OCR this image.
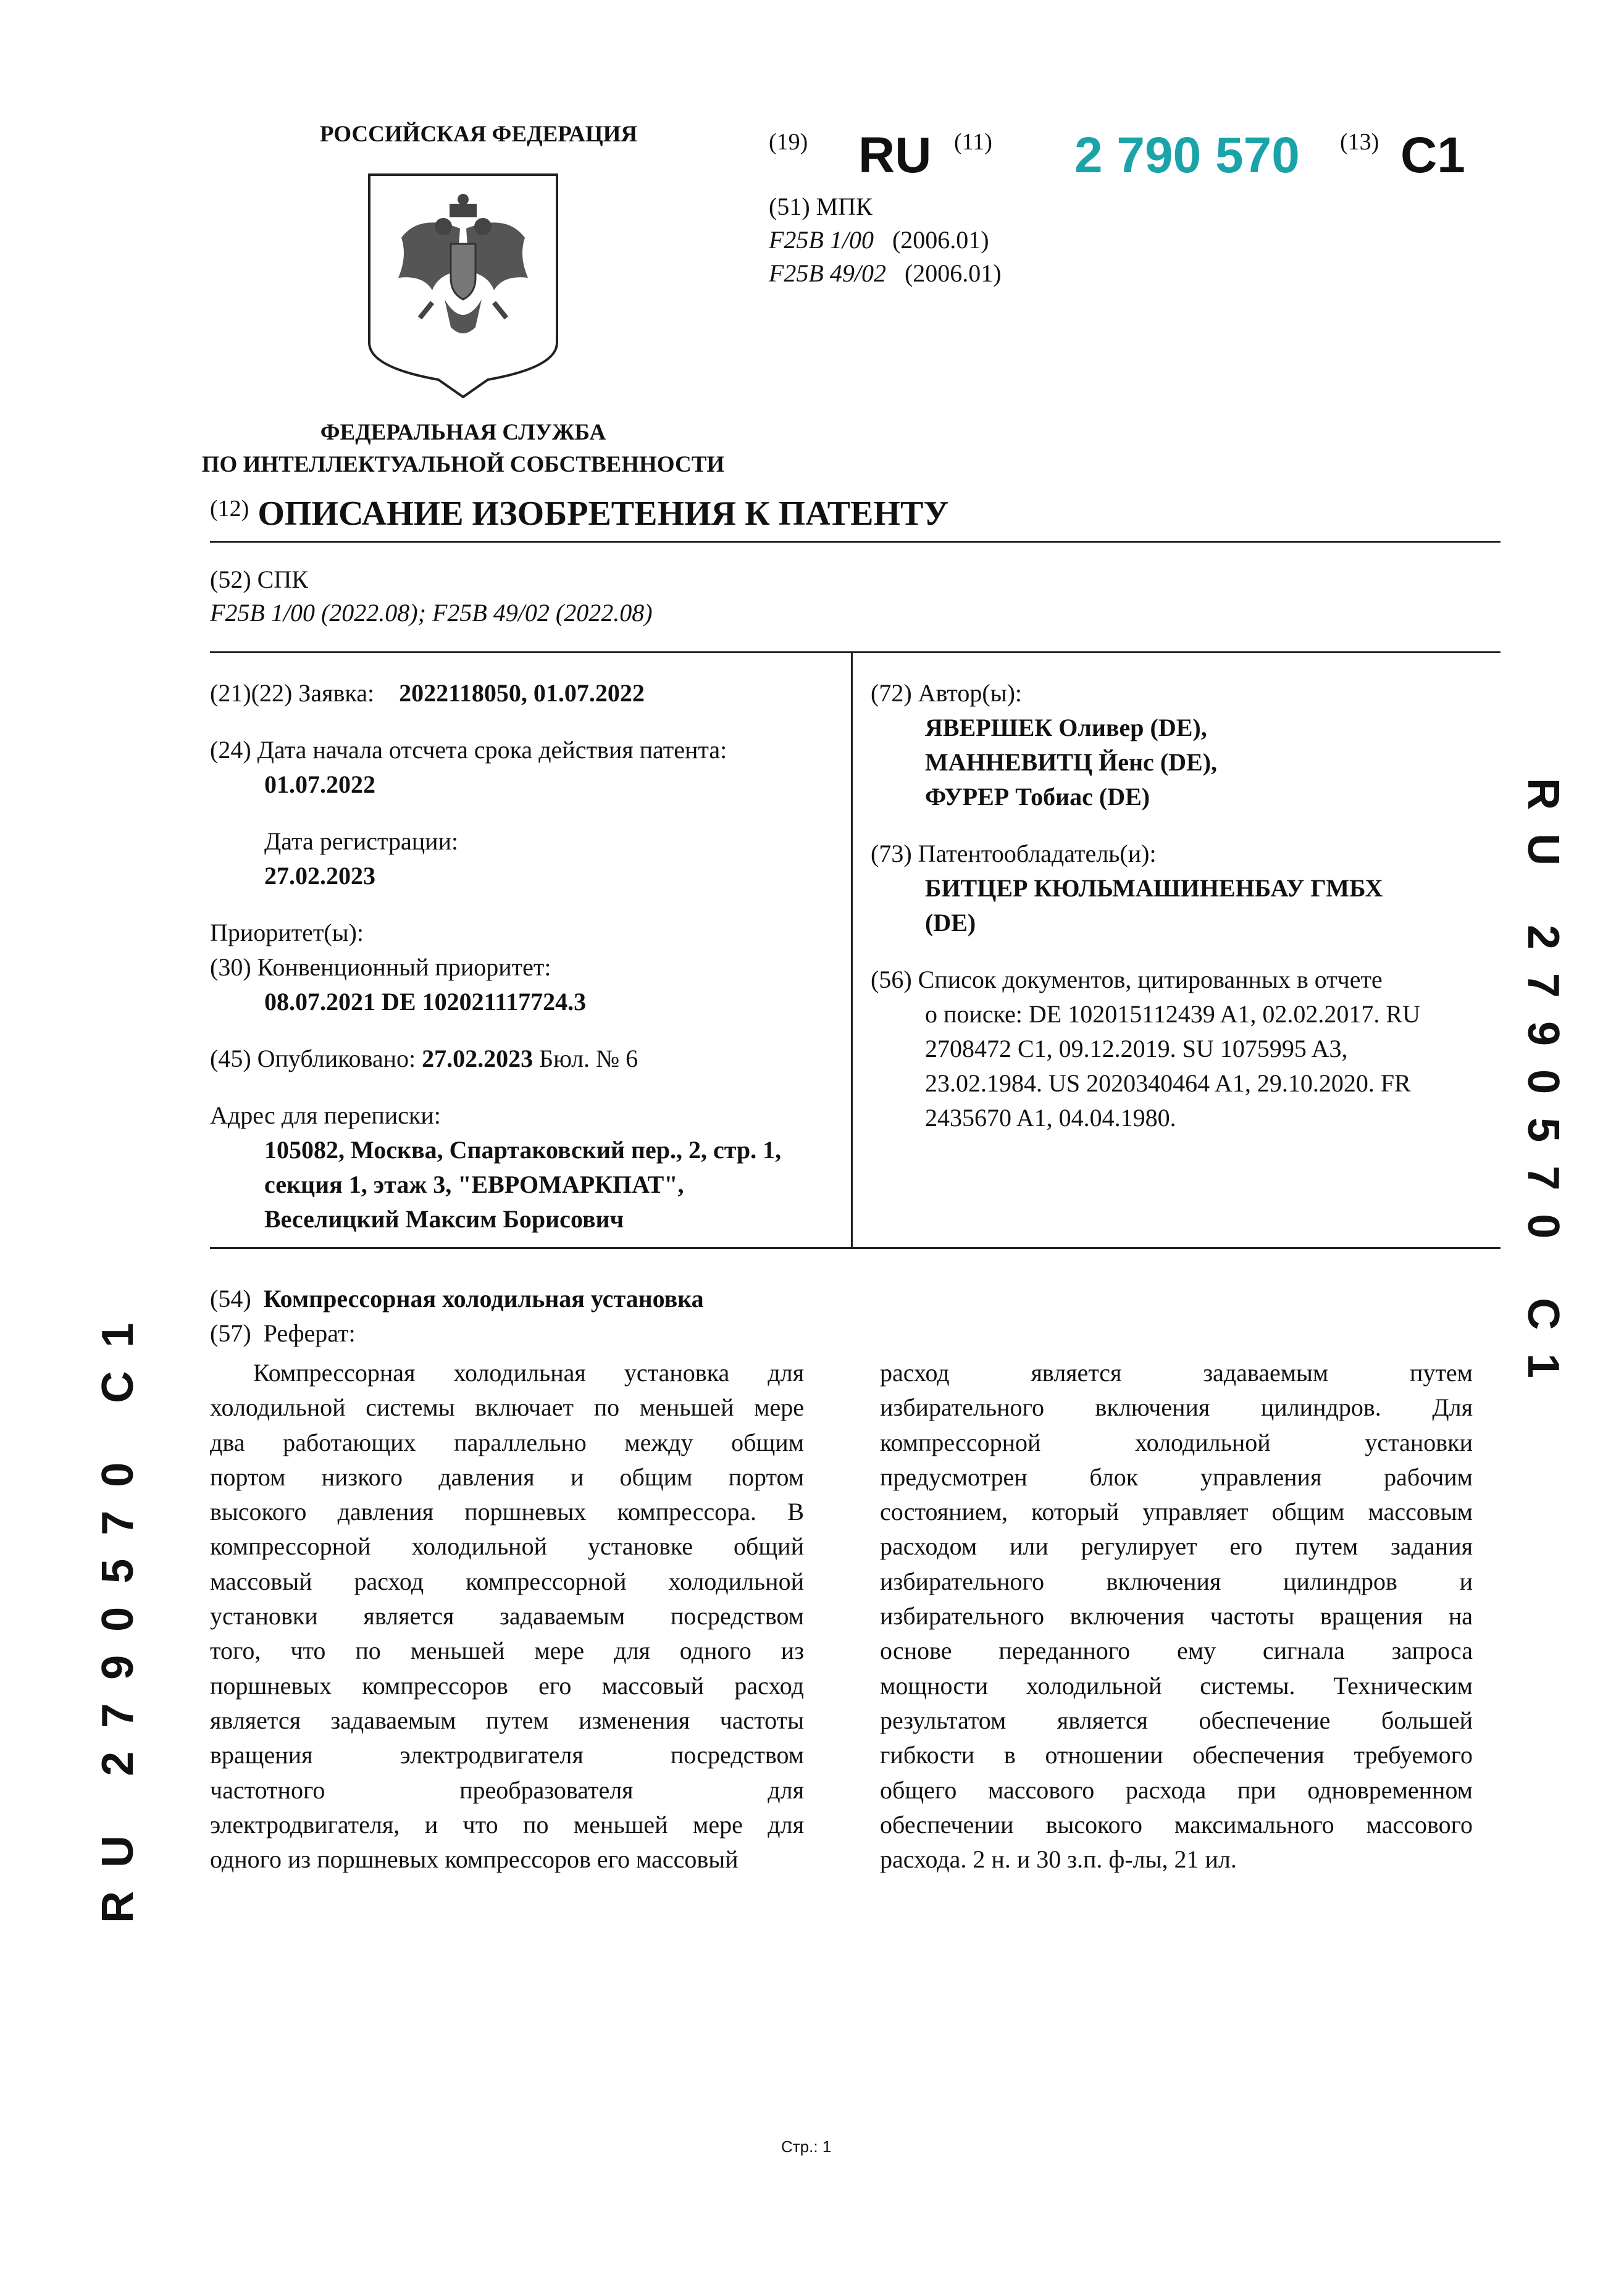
РОССИЙСКАЯ ФЕДЕРАЦИЯ
ФЕДЕРАЛЬНАЯ СЛУЖБА
ПО ИНТЕЛЛЕКТУАЛЬНОЙ СОБСТВЕННОСТИ
(19) RU (11) 2 790 570 (13) C1
(51) МПК
F25B 1/00 (2006.01)
F25B 49/02 (2006.01)
$^{(12)}$ ОПИСАНИЕ ИЗОБРЕТЕНИЯ К ПАТЕНТУ
(52) СПК
F25B 1/00 (2022.08); F25B 49/02 (2022.08)
(21)(22) Заявка: 2022118050, 01.07.2022
(24) Дата начала отсчета срока действия патента:
01.07.2022
Дата регистрации:
27.02.2023
Приоритет(ы):
(30) Конвенционный приоритет:
08.07.2021 DE 102021117724.3
(45) Опубликовано: 27.02.2023 Бюл. № 6
Адрес для переписки:
105082, Москва, Спартаковский пер., 2, стр. 1,
секция 1, этаж 3, "ЕВРОМАРКПАТ",
Веселицкий Максим Борисович
(72) Автор(ы):
ЯВЕРШЕК Оливер (DE),
МАННЕВИТЦ Йенс (DE),
ФУРЕР Тобиас (DE)
(73) Патентообладатель(и):
БИТЦЕР КЮЛЬМАШИНЕНБАУ ГМБХ
(DE)
(56) Список документов, цитированных в отчете
о поиске: DE 102015112439 A1, 02.02.2017. RU
2708472 C1, 09.12.2019. SU 1075995 A3,
23.02.1984. US 2020340464 A1, 29.10.2020. FR
2435670 A1, 04.04.1980.
(54) Компрессорная холодильная установка
(57) Реферат:
Компрессорная холодильная установка для
холодильной системы включает по меньшей мере
два работающих параллельно между общим
портом низкого давления и общим портом
высокого давления поршневых компрессора. В
компрессорной холодильной установке общий
массовый расход компрессорной холодильной
установки является задаваемым посредством
того, что по меньшей мере для одного из
поршневых компрессоров его массовый расход
является задаваемым путем изменения частоты
вращения электродвигателя посредством
частотного преобразователя для
электродвигателя, и что по меньшей мере для
одного из поршневых компрессоров его массовый
расход является задаваемым путем
избирательного включения цилиндров. Для
компрессорной холодильной установки
предусмотрен блок управления рабочим
состоянием, который управляет общим массовым
расходом или регулирует его путем задания
избирательного включения цилиндров и
избирательного включения частоты вращения на
основе переданного ему сигнала запроса
мощности холодильной системы. Техническим
результатом является обеспечение большей
гибкости в отношении обеспечения требуемого
общего массового расхода при одновременном
обеспечении высокого максимального массового
расхода. 2 н. и 30 з.п. ф-лы, 21 ил.
RU 2790570 C1
RU 2790570 C1
Стр.: 1
